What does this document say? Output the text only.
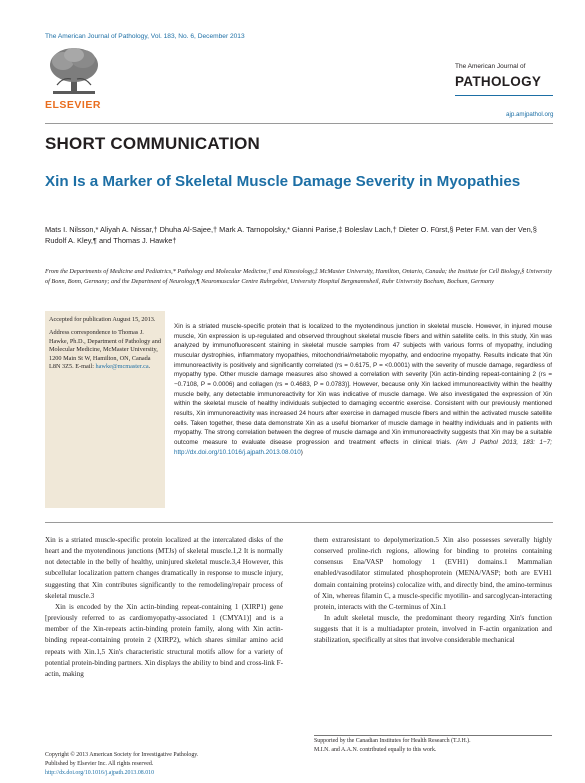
The American Journal of Pathology, Vol. 183, No. 6, December 2013
ELSEVIER
The American Journal of
PATHOLOGY
ajp.amjpathol.org
SHORT COMMUNICATION
Xin Is a Marker of Skeletal Muscle Damage Severity in Myopathies
Mats I. Nilsson,* Aliyah A. Nissar,† Dhuha Al-Sajee,† Mark A. Tarnopolsky,* Gianni Parise,‡ Boleslav Lach,† Dieter O. Fürst,§ Peter F.M. van der Ven,§ Rudolf A. Kley,¶ and Thomas J. Hawke†
From the Departments of Medicine and Pediatrics,* Pathology and Molecular Medicine,† and Kinesiology,‡ McMaster University, Hamilton, Ontario, Canada; the Institute for Cell Biology,§ University of Bonn, Bonn, Germany; and the Department of Neurology,¶ Neuromuscular Centre Ruhrgebiet, University Hospital Bergmannsheil, Ruhr University Bochum, Bochum, Germany

Accepted for publication August 15, 2013.

Address correspondence to Thomas J. Hawke, Ph.D., Department of Pathology and Molecular Medicine, McMaster University, 1200 Main St W, Hamilton, ON, Canada L8N 3Z5. E-mail: hawke@mcmaster.ca.

Xin is a striated muscle-specific protein that is localized to the myotendinous junction in skeletal muscle. However, in injured mouse muscle, Xin expression is up-regulated and observed throughout skeletal muscle fibers and within satellite cells. In this study, Xin was analyzed by immunofluorescent staining in skeletal muscle samples from 47 subjects with various forms of myopathy, including muscular dystrophies, inflammatory myopathies, mitochondrial/metabolic myopathy, and endocrine myopathy. Results indicate that Xin immunoreactivity is positively and significantly correlated (rs = 0.6175, P = <0.0001) with the severity of muscle damage, regardless of myopathy type. Other muscle damage measures also showed a correlation with severity [Xin actin-binding repeat-containing 2 (rs = −0.7108, P = 0.0006) and collagen (rs = 0.4683, P = 0.0783)]. However, because only Xin lacked immunoreactivity within the healthy muscle belly, any detectable immunoreactivity for Xin was indicative of muscle damage. We also investigated the expression of Xin within the skeletal muscle of healthy individuals subjected to damaging eccentric exercise. Consistent with our previously mentioned results, Xin immunoreactivity was increased 24 hours after exercise in damaged muscle fibers and within the activated muscle satellite cells. Taken together, these data demonstrate Xin as a useful biomarker of muscle damage in healthy individuals and in patients with myopathy. The strong correlation between the degree of muscle damage and Xin immunoreactivity suggests that Xin may be a suitable outcome measure to evaluate disease progression and treatment effects in clinical trials. (Am J Pathol 2013, 183: 1−7; http://dx.doi.org/10.1016/j.ajpath.2013.08.010)

Xin is a striated muscle-specific protein localized at the intercalated disks of the heart and the myotendinous junctions (MTJs) of skeletal muscle.1,2 It is normally not detectable in the belly of healthy, uninjured skeletal muscle.3,4 However, this subcellular localization pattern changes dramatically in response to muscle injury, suggesting that Xin contributes significantly to the remodeling/repair process of skeletal muscle.3

Xin is encoded by the Xin actin-binding repeat-containing 1 (XIRP1) gene [previously referred to as cardiomyopathy-associated 1 (CMYA1)] and is a member of the Xin-repeats actin-binding protein family, along with Xin actin-binding repeat-containing protein 2 (XIRP2), which shares similar amino acid repeats with Xin.1,5 Xin's characteristic structural motifs allow for a variety of potential protein-binding partners. Xin displays the ability to bind and cross-link F-actin, making

them extraresistant to depolymerization.5 Xin also possesses severally highly conserved proline-rich regions, allowing for binding to proteins containing consensus Ena/VASP homology 1 (EVH1) domains.1 Mammalian enabled/vasodilator stimulated phosphoprotein (MENA/VASP; both are EVH1 domain containing proteins) colocalize with, and directly bind, the amino-terminus of Xin, whereas filamin C, a muscle-specific myotilin- and sarcoglycan-interacting protein, interacts with the C-terminus of Xin.1

In adult skeletal muscle, the predominant theory regarding Xin's function suggests that it is a multiadapter protein, involved in F-actin organization and stabilization, specifically at sites that involve considerable mechanical

Supported by the Canadian Institutes for Health Research (T.J.H.).
M.I.N. and A.A.N. contributed equally to this work.
Copyright © 2013 American Society for Investigative Pathology.
Published by Elsevier Inc. All rights reserved.
http://dx.doi.org/10.1016/j.ajpath.2013.08.010
